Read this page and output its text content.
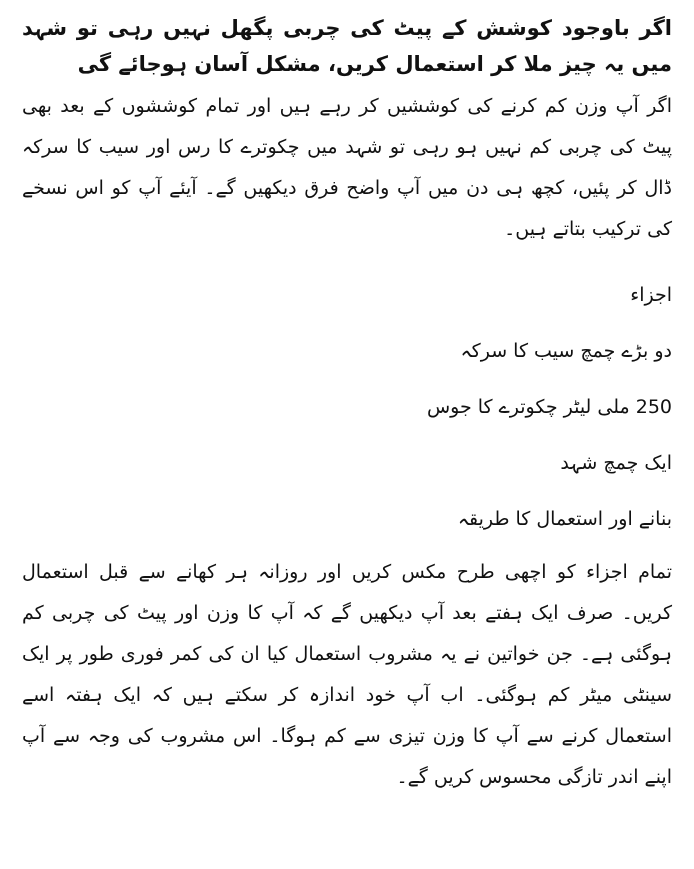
اگر باوجود کوشش کے پیٹ کی چربی پگھل نہیں رہی تو شہد میں یہ چیز ملا کر استعمال کریں، مشکل آسان ہوجائے گی
اگر آپ وزن کم کرنے کی کوششیں کر رہے ہیں اور تمام کوششوں کے بعد بھی پیٹ کی چربی کم نہیں ہو رہی تو شہد میں چکوترے کا رس اور سیب کا سرکہ ڈال کر پئیں، کچھ ہی دن میں آپ واضح فرق دیکھیں گے۔ آیئے آپ کو اس نسخے کی ترکیب بتاتے ہیں۔
اجزاء
دو بڑے چمچ سیب کا سرکہ
250 ملی لیٹر چکوترے کا جوس
ایک چمچ شہد
بنانے اور استعمال کا طریقہ
تمام اجزاء کو اچھی طرح مکس کریں اور روزانہ ہر کھانے سے قبل استعمال کریں۔ صرف ایک ہفتے بعد آپ دیکھیں گے کہ آپ کا وزن اور پیٹ کی چربی کم ہوگئی ہے۔ جن خواتین نے یہ مشروب استعمال کیا ان کی کمر فوری طور پر ایک سینٹی میٹر کم ہوگئی۔ اب آپ خود اندازہ کر سکتے ہیں کہ ایک ہفتہ اسے استعمال کرنے سے آپ کا وزن تیزی سے کم ہوگا۔ اس مشروب کی وجہ سے آپ اپنے اندر تازگی محسوس کریں گے۔
